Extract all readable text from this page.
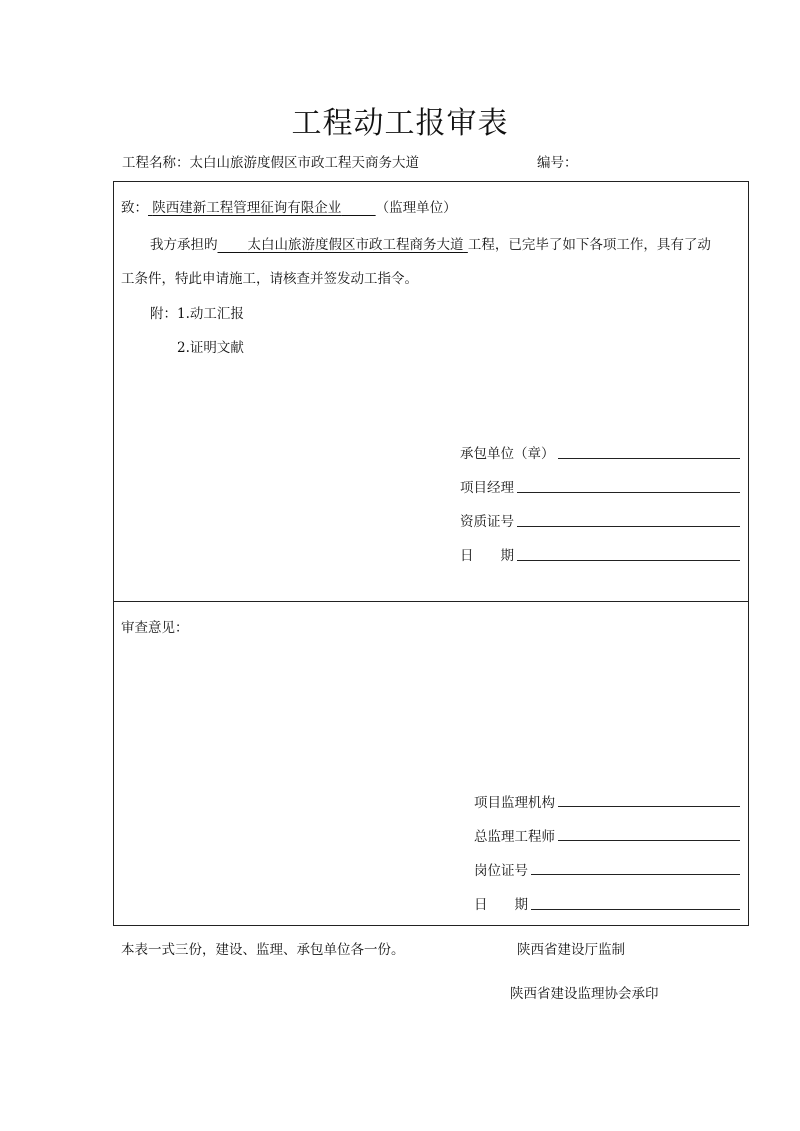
工程动工报审表
工程名称：太白山旅游度假区市政工程天商务大道	编号：
致： 陕西建新工程管理征询有限企业	（监理单位）
我方承担旳 太白山旅游度假区市政工程商务大道 工程，已完毕了如下各项工作，具有了动
工条件，特此申请施工，请核查并签发动工指令。
附：1.动工汇报
2.证明文献
承包单位（章）
项目经理
资质证号
日　　期
审查意见：
项目监理机构
总监理工程师
岗位证号
日　　期
本表一式三份，建设、监理、承包单位各一份。	陕西省建设厅监制
陕西省建设监理协会承印
